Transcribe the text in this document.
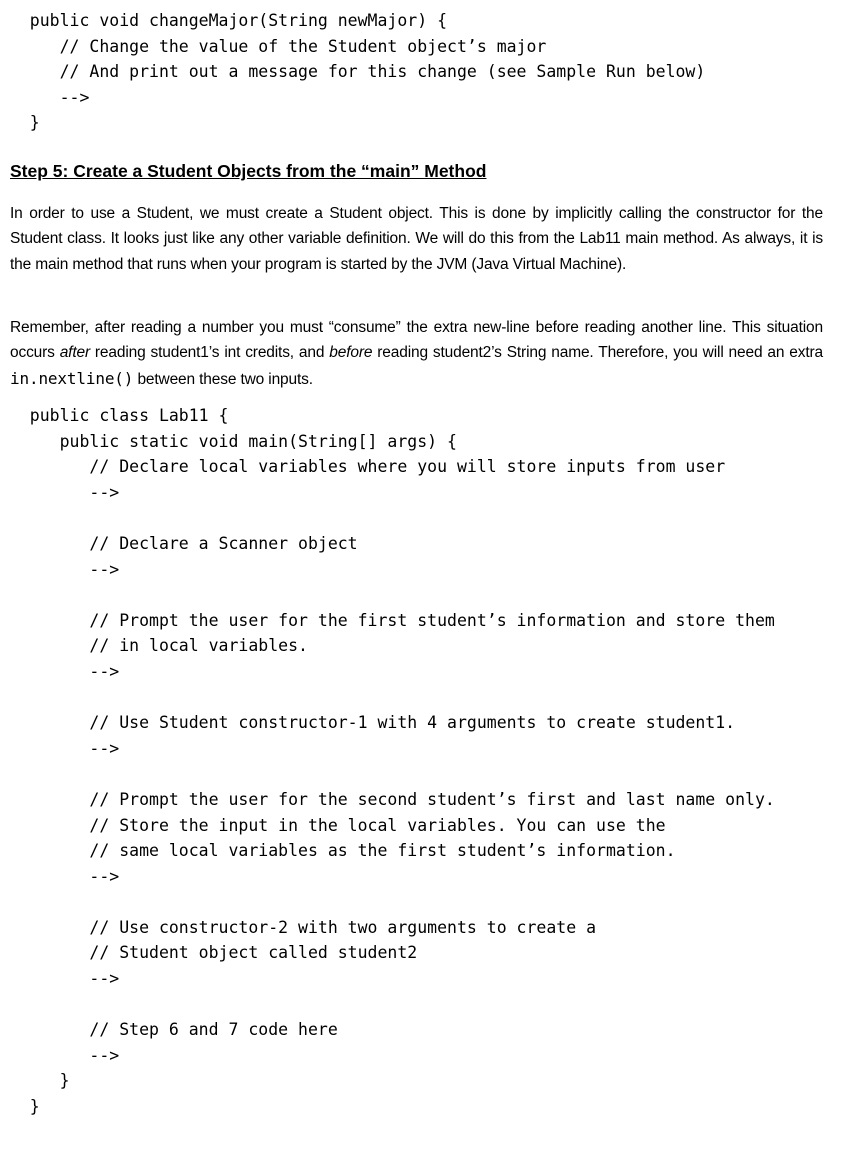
public void changeMajor(String newMajor) {
// Change the value of the Student object’s major
// And print out a message for this change (see Sample Run below)
-->
}
Step 5: Create a Student Objects from the “main” Method

In order to use a Student, we must create a Student object. This is done by implicitly calling the constructor for the Student class. It looks just like any other variable definition. We will do this from the Lab11 main method. As always, it is the main method that runs when your program is started by the JVM (Java Virtual Machine).

Remember, after reading a number you must “consume” the extra new-line before reading another line. This situation occurs after reading student1’s int credits, and before reading student2’s String name. Therefore, you will need an extra in.nextline() between these two inputs.

public class Lab11 {
public static void main(String[] args) {
// Declare local variables where you will store inputs from user
-->
// Declare a Scanner object
-->
// Prompt the user for the first student’s information and store them
// in local variables.
-->
// Use Student constructor-1 with 4 arguments to create student1.
-->
// Prompt the user for the second student’s first and last name only.
// Store the input in the local variables. You can use the
// same local variables as the first student’s information.
-->
// Use constructor-2 with two arguments to create a
// Student object called student2
-->
// Step 6 and 7 code here
-->
}
}
